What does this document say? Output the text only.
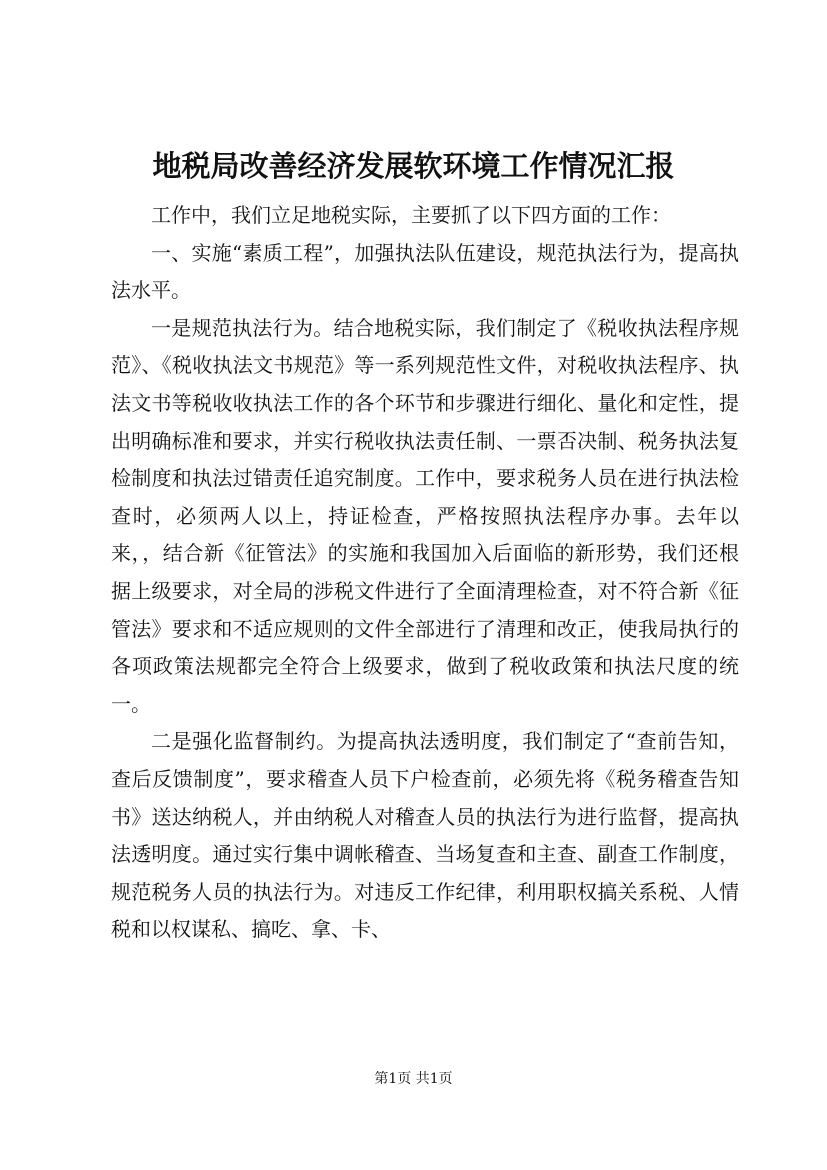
地税局改善经济发展软环境工作情况汇报

工作中，我们立足地税实际，主要抓了以下四方面的工作：

一、实施“素质工程”，加强执法队伍建设，规范执法行为，提高执法水平。

一是规范执法行为。结合地税实际，我们制定了《税收执法程序规范》、《税收执法文书规范》等一系列规范性文件，对税收执法程序、执法文书等税收收执法工作的各个环节和步骤进行细化、量化和定性，提出明确标准和要求，并实行税收执法责任制、一票否决制、税务执法复检制度和执法过错责任追究制度。工作中，要求税务人员在进行执法检查时，必须两人以上，持证检查，严格按照执法程序办事。去年以来，，结合新《征管法》的实施和我国加入后面临的新形势，我们还根据上级要求，对全局的涉税文件进行了全面清理检查，对不符合新《征管法》要求和不适应规则的文件全部进行了清理和改正，使我局执行的各项政策法规都完全符合上级要求，做到了税收政策和执法尺度的统一。

二是强化监督制约。为提高执法透明度，我们制定了“查前告知，查后反馈制度”，要求稽查人员下户检查前，必须先将《税务稽查告知书》送达纳税人，并由纳税人对稽查人员的执法行为进行监督，提高执法透明度。通过实行集中调帐稽查、当场复查和主查、副查工作制度，规范税务人员的执法行为。对违反工作纪律，利用职权搞关系税、人情税和以权谋私、搞吃、拿、卡、

第1页 共1页
